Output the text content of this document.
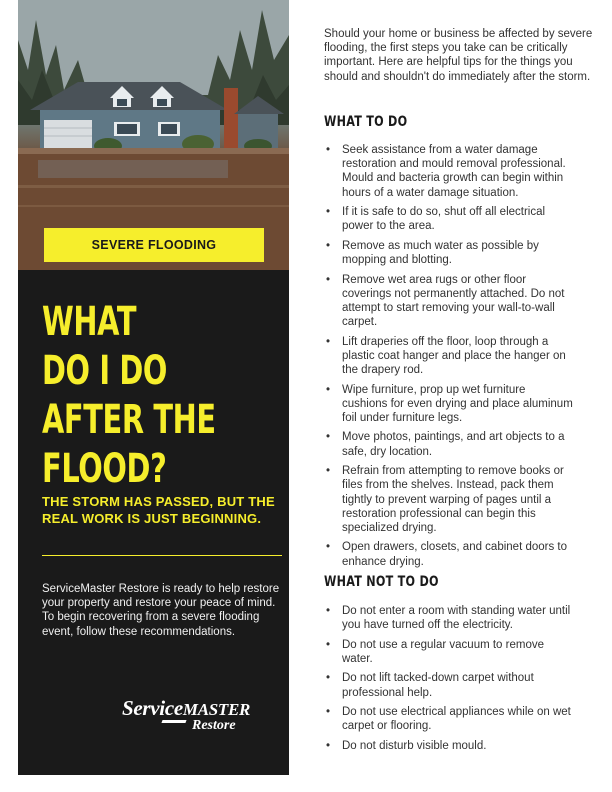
SEVERE FLOODING
WHAT
DO I DO
AFTER THE
FLOOD?
THE STORM HAS PASSED, BUT THE REAL WORK IS JUST BEGINNING.
ServiceMaster Restore is ready to help restore your property and restore your peace of mind. To begin recovering from a severe flooding event, follow these recommendations.
ServiceMASTER
Restore
Should your home or business be affected by severe flooding, the first steps you take can be critically important. Here are helpful tips for the things you should and shouldn't do immediately after the storm.
WHAT TO DO
• Seek assistance from a water damage restoration and mould removal professional. Mould and bacteria growth can begin within hours of a water damage situation.
• If it is safe to do so, shut off all electrical power to the area.
• Remove as much water as possible by mopping and blotting.
• Remove wet area rugs or other floor coverings not permanently attached. Do not attempt to start removing your wall-to-wall carpet.
• Lift draperies off the floor, loop through a plastic coat hanger and place the hanger on the drapery rod.
• Wipe furniture, prop up wet furniture cushions for even drying and place aluminum foil under furniture legs.
• Move photos, paintings, and art objects to a safe, dry location.
• Refrain from attempting to remove books or files from the shelves. Instead, pack them tightly to prevent warping of pages until a restoration professional can begin this specialized drying.
• Open drawers, closets, and cabinet doors to enhance drying.
WHAT NOT TO DO
• Do not enter a room with standing water until you have turned off the electricity.
• Do not use a regular vacuum to remove water.
• Do not lift tacked-down carpet without professional help.
• Do not use electrical appliances while on wet carpet or flooring.
• Do not disturb visible mould.
